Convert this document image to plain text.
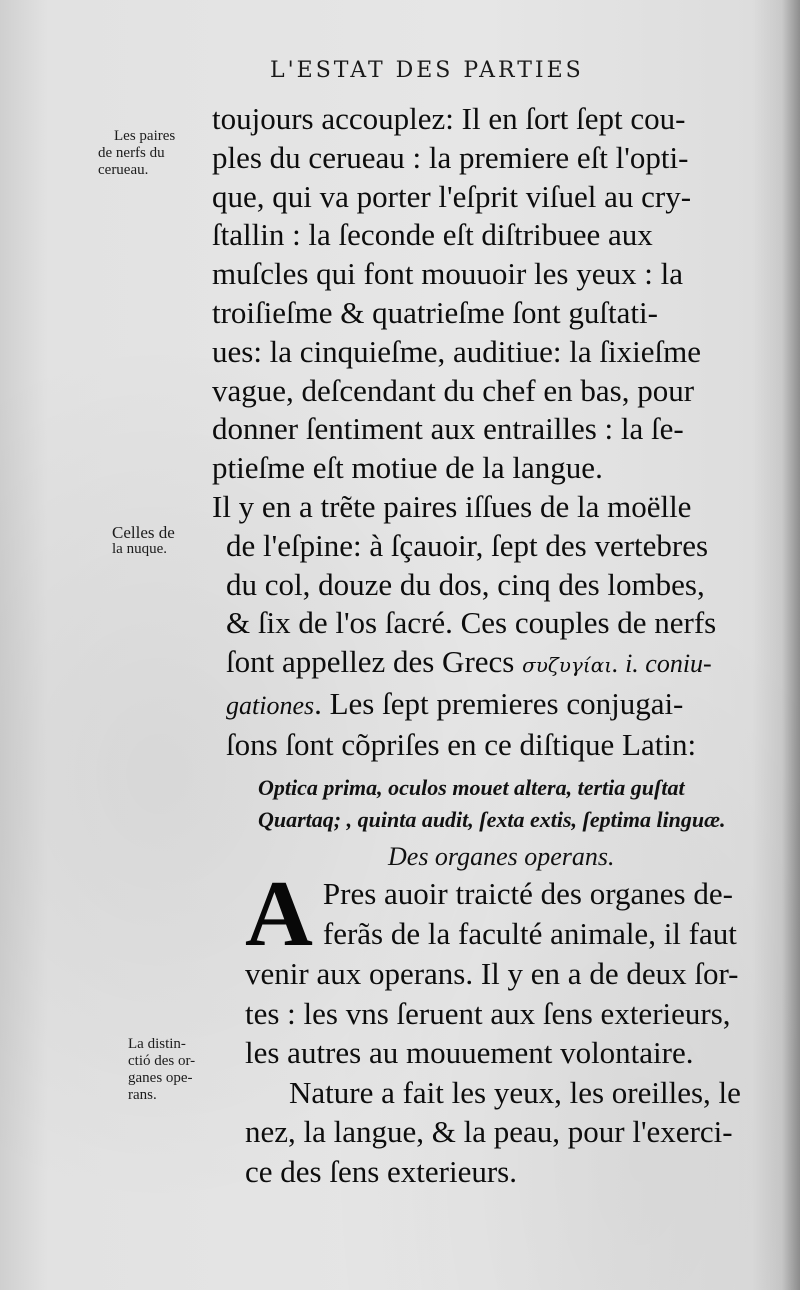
L'ESTAT DES PARTIES
Les paires
de nerfs du
cerueau.
Celles de
la nuque.
La distin-
ctió des or-
ganes ope-
rans.
toujours accouplez: Il en ſort ſept cou-
ples du cerueau : la premiere eſt l'opti-
que, qui va porter l'eſprit viſuel au cry-
ſtallin : la ſeconde eſt diſtribuee aux
muſcles qui font mouuoir les yeux : la
troiſieſme & quatrieſme ſont guſtati-
ues: la cinquieſme, auditiue: la ſixieſme
vague, deſcendant du chef en bas, pour
donner ſentiment aux entrailles : la ſe-
ptieſme eſt motiue de la langue.
Il y en a trẽte paires iſſues de la moëlle
de l'eſpine: à ſçauoir, ſept des vertebres
du col, douze du dos, cinq des lombes,
& ſix de l'os ſacré. Ces couples de nerfs
ſont appellez des Grecs συζυγίαι. i. coniu-
gationes. Les ſept premieres conjugai-
ſons ſont cõpriſes en ce diſtique Latin:
Optica prima, oculos mouet altera, tertia guſtat
Quartaq; , quinta audit, ſexta extis, ſeptima linguæ.
Des organes operans.
A Pres auoir traicté des organes de-
ferãs de la faculté animale, il faut
venir aux operans. Il y en a de deux ſor-
tes : les vns ſeruent aux ſens exterieurs,
les autres au mouuement volontaire.
Nature a fait les yeux, les oreilles, le
nez, la langue, & la peau, pour l'exerci-
ce des ſens exterieurs.
